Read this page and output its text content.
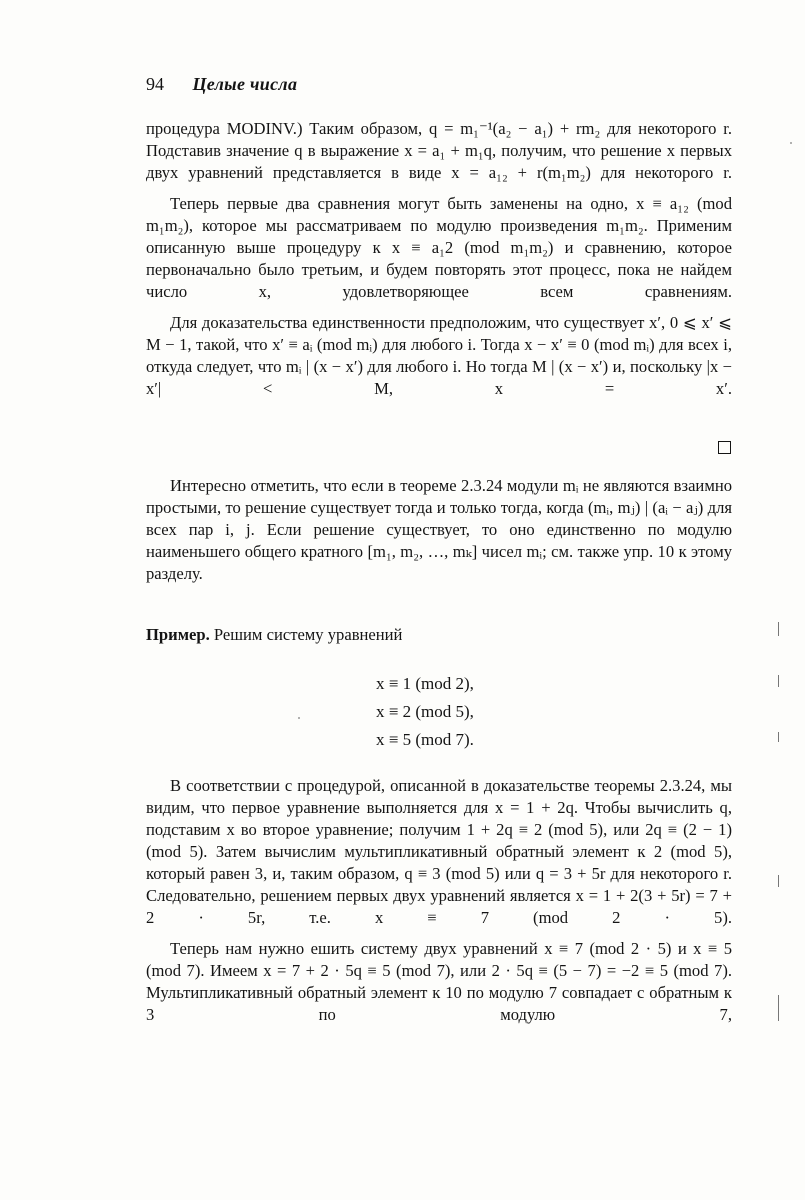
94 Целые числа

процедура MODINV.) Таким образом, q = m₁⁻¹(a₂ − a₁) + rm₂ для некоторого r. Подставив значение q в выражение x = a₁ + m₁q, получим, что решение x первых двух уравнений представляется в виде x = a₁₂ + r(m₁m₂) для некоторого r.

Теперь первые два сравнения могут быть заменены на одно, x ≡ a₁₂ (mod m₁m₂), которое мы рассматриваем по модулю произведения m₁m₂. Применим описанную выше процедуру к x ≡ a₁2 (mod m₁m₂) и сравнению, которое первоначально было третьим, и будем повторять этот процесс, пока не найдем число x, удовлетворяющее всем сравнениям.

Для доказательства единственности предположим, что существует x′, 0 ⩽ x′ ⩽ M − 1, такой, что x′ ≡ aᵢ (mod mᵢ) для любого i. Тогда x − x′ ≡ 0 (mod mᵢ) для всех i, откуда следует, что mᵢ | (x − x′) для любого i. Но тогда M | (x − x′) и, поскольку |x − x′| < M, x = x′.

Интересно отметить, что если в теореме 2.3.24 модули mᵢ не являются взаимно простыми, то решение существует тогда и только тогда, когда (mᵢ, mⱼ) | (aᵢ − aⱼ) для всех пар i, j. Если решение существует, то оно единственно по модулю наименьшего общего кратного [m₁, m₂, …, mₖ] чисел mᵢ; см. также упр. 10 к этому разделу.

Пример. Решим систему уравнений
x ≡ 1 (mod 2),
x ≡ 2 (mod 5),
x ≡ 5 (mod 7).

В соответствии с процедурой, описанной в доказательстве теоремы 2.3.24, мы видим, что первое уравнение выполняется для x = 1 + 2q. Чтобы вычислить q, подставим x во второе уравнение; получим 1 + 2q ≡ 2 (mod 5), или 2q ≡ (2 − 1) (mod 5). Затем вычислим мультипликативный обратный элемент к 2 (mod 5), который равен 3, и, таким образом, q ≡ 3 (mod 5) или q = 3 + 5r для некоторого r. Следовательно, решением первых двух уравнений является x = 1 + 2(3 + 5r) = 7 + 2 · 5r, т.е. x ≡ 7 (mod 2 · 5).

Теперь нам нужно ешить систему двух уравнений x ≡ 7 (mod 2 · 5) и x ≡ 5 (mod 7). Имеем x = 7 + 2 · 5q ≡ 5 (mod 7), или 2 · 5q ≡ (5 − 7) = −2 ≡ 5 (mod 7). Мультипликативный обратный элемент к 10 по модулю 7 совпадает с обратным к 3 по модулю 7,
